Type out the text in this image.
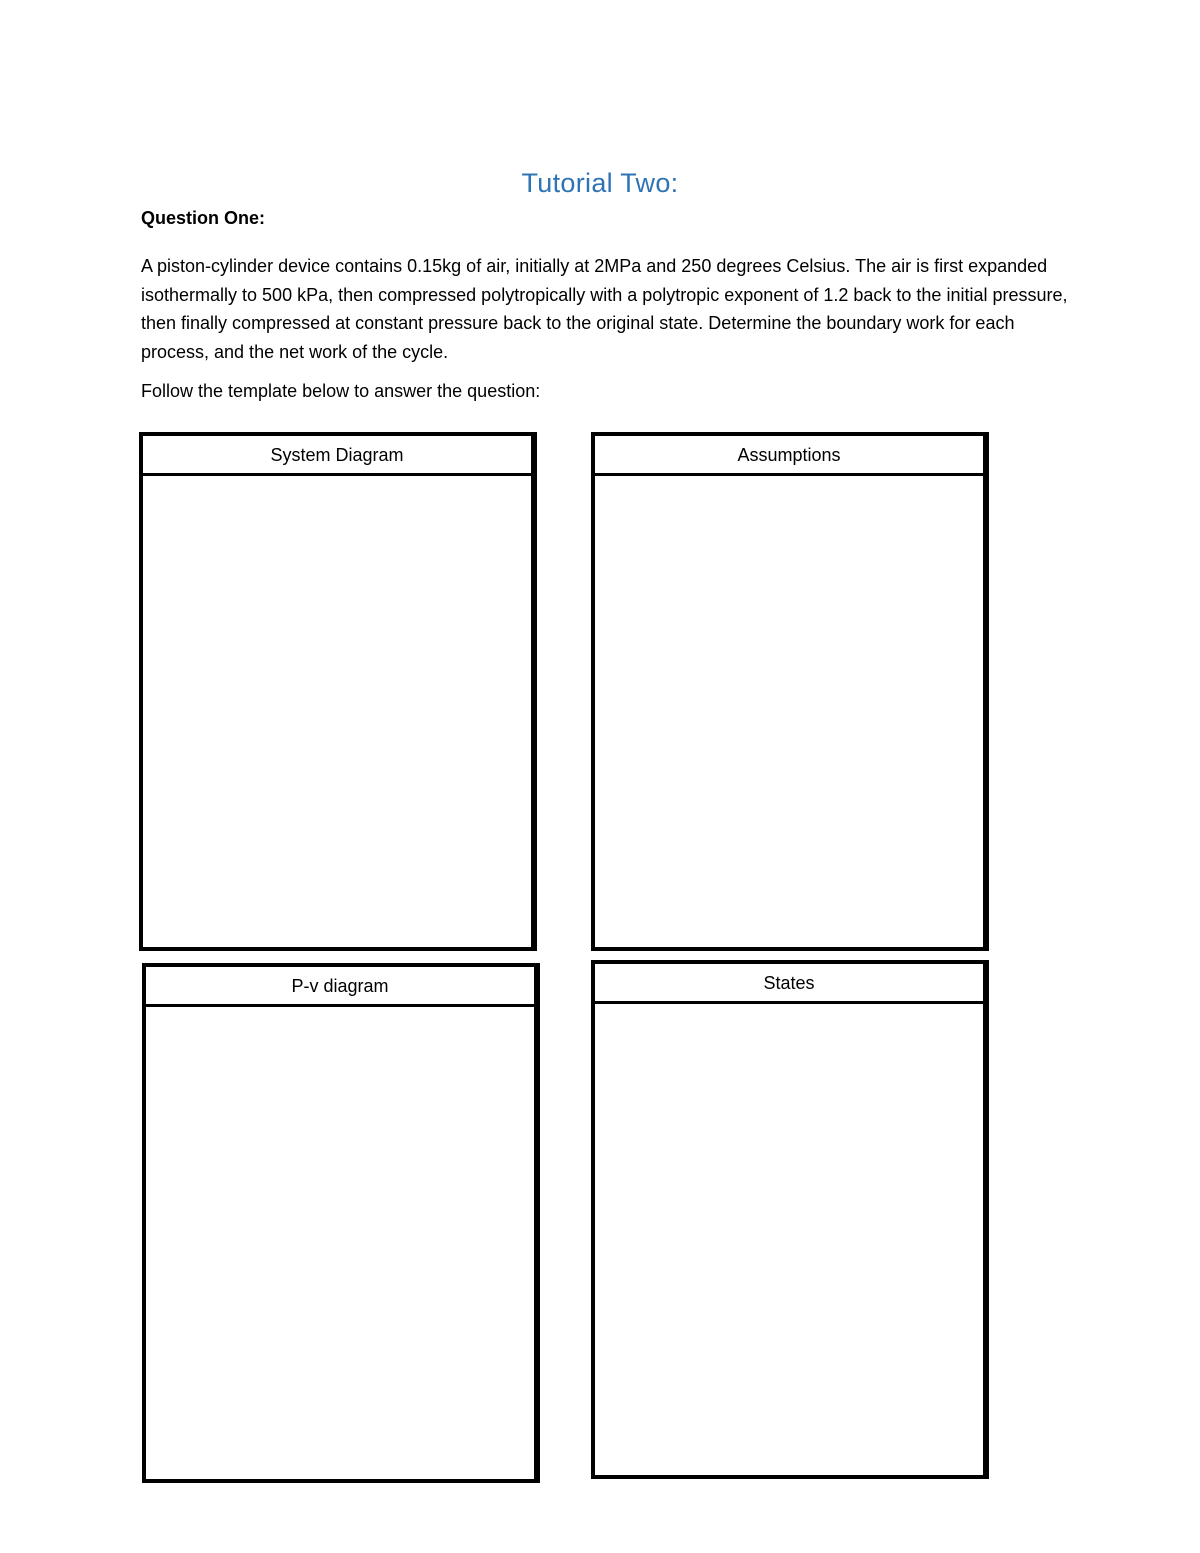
Tutorial Two:
Question One:
A piston-cylinder device contains 0.15kg of air, initially at 2MPa and 250 degrees Celsius. The air is first expanded isothermally to 500 kPa, then compressed polytropically with a polytropic exponent of 1.2 back to the initial pressure, then finally compressed at constant pressure back to the original state. Determine the boundary work for each process, and the net work of the cycle.
Follow the template below to answer the question:
System Diagram	Assumptions
P-v diagram	States
